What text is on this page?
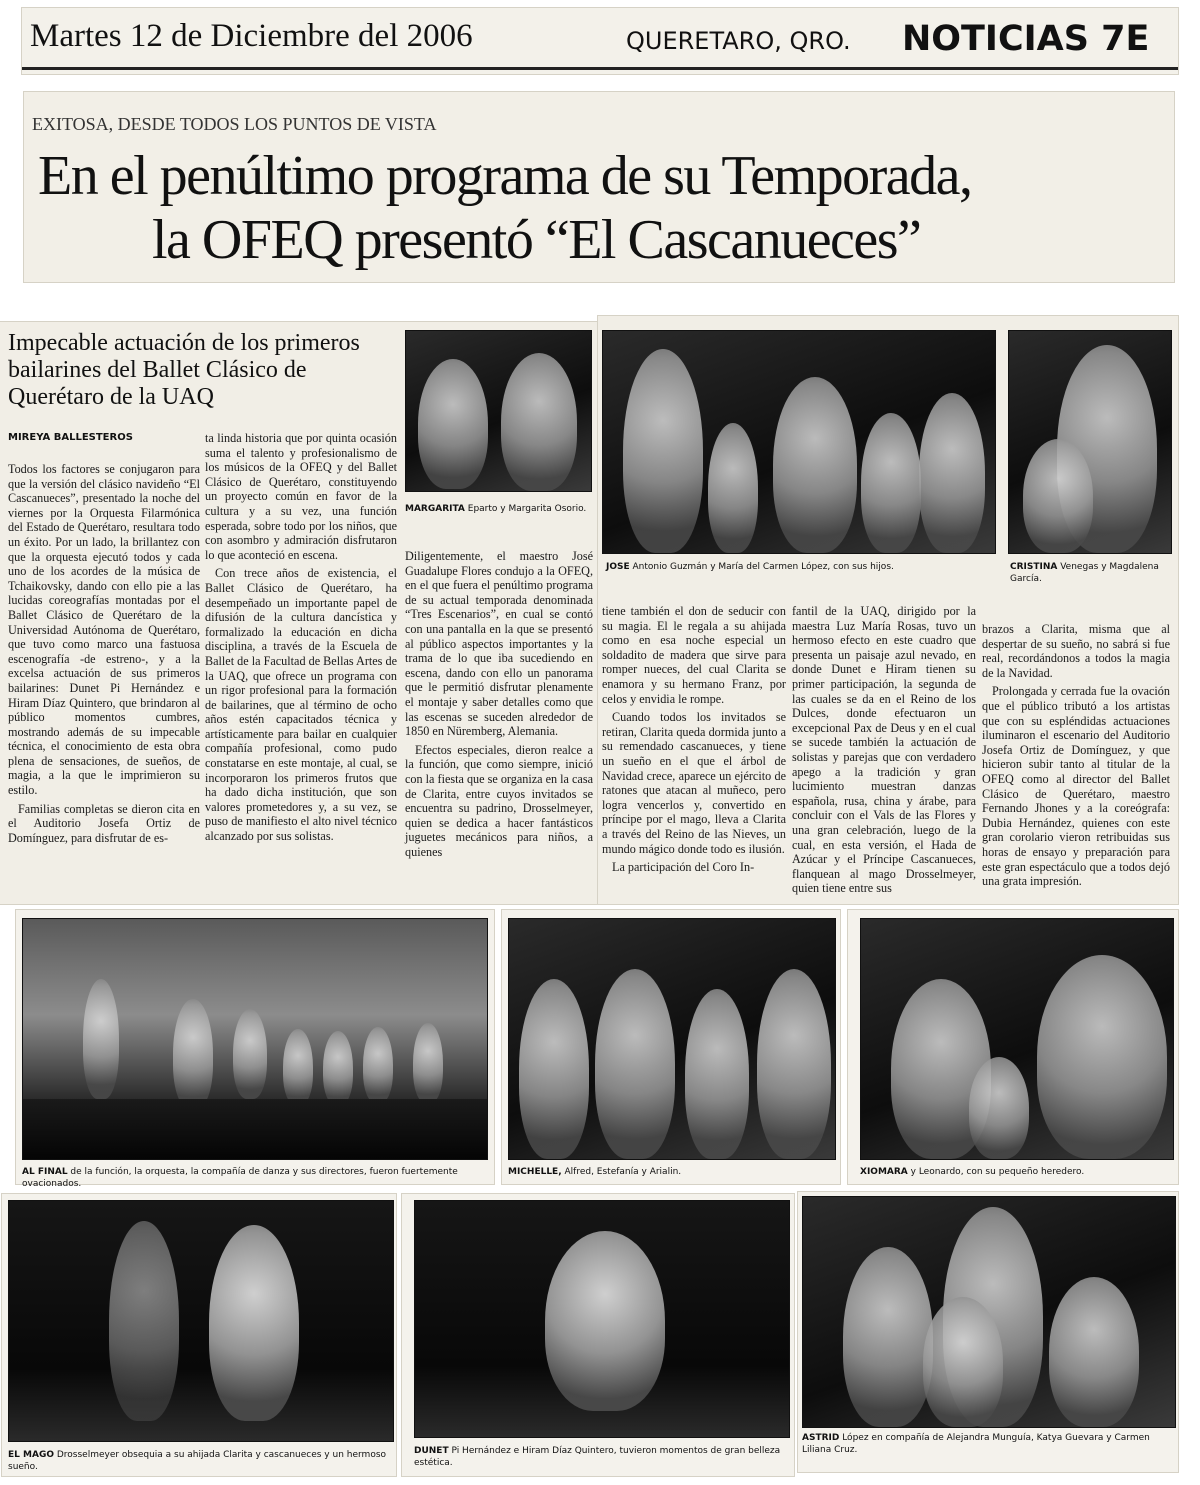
Martes 12 de Diciembre del 2006	QUERETARO, QRO. NOTICIAS 7E
EXITOSA, DESDE TODOS LOS PUNTOS DE VISTA
En el penúltimo programa de su Temporada,
la OFEQ presentó “El Cascanueces”
Impecable actuación de los primeros bailarines del Ballet Clásico de Querétaro de la UAQ
MIREYA BALLESTEROS
MARGARITA Eparto y Margarita Osorio.

Todos los factores se conjugaron para que la versión del clásico navideño “El Cascanueces”, presentado la noche del viernes por la Orquesta Filarmónica del Estado de Querétaro, resultara todo un éxito. Por un lado, la brillantez con que la orquesta ejecutó todos y cada uno de los acordes de la música de Tchaikovsky, dando con ello pie a las lucidas coreografías montadas por el Ballet Clásico de Querétaro de la Universidad Autónoma de Querétaro, que tuvo como marco una fastuosa escenografía -de estreno-, y a la excelsa actuación de sus primeros bailarines: Dunet Pi Hernández e Hiram Díaz Quintero, que brindaron al público momentos cumbres, mostrando además de su impecable técnica, el conocimiento de esta obra plena de sensaciones, de sueños, de magia, a la que le imprimieron su estilo.

Familias completas se dieron cita en el Auditorio Josefa Ortiz de Domínguez, para disfrutar de es-

ta linda historia que por quinta ocasión suma el talento y profesionalismo de los músicos de la OFEQ y del Ballet Clásico de Querétaro, constituyendo un proyecto común en favor de la cultura y a su vez, una función esperada, sobre todo por los niños, que con asombro y admiración disfrutaron lo que aconteció en escena.

Con trece años de existencia, el Ballet Clásico de Querétaro, ha desempeñado un importante papel de difusión de la cultura dancística y formalizado la educación en dicha disciplina, a través de la Escuela de Ballet de la Facultad de Bellas Artes de la UAQ, que ofrece un programa con un rigor profesional para la formación de bailarines, que al término de ocho años estén capacitados técnica y artísticamente para bailar en cualquier compañía profesional, como pudo constatarse en este montaje, al cual, se incorporaron los primeros frutos que ha dado dicha institución, que son valores prometedores y, a su vez, se puso de manifiesto el alto nivel técnico alcanzado por sus solistas.

Diligentemente, el maestro José Guadalupe Flores condujo a la OFEQ, en el que fuera el penúltimo programa de su actual temporada denominada “Tres Escenarios”, en cual se contó con una pantalla en la que se presentó al público aspectos importantes y la trama de lo que iba sucediendo en escena, dando con ello un panorama que le permitió disfrutar plenamente el montaje y saber detalles como que las escenas se suceden alrededor de 1850 en Nüremberg, Alemania.

Efectos especiales, dieron realce a la función, que como siempre, inició con la fiesta que se organiza en la casa de Clarita, entre cuyos invitados se encuentra su padrino, Drosselmeyer, quien se dedica a hacer fantásticos juguetes mecánicos para niños, a quienes

JOSE Antonio Guzmán y María del Carmen López, con sus hijos.	CRISTINA Venegas y Magdalena García.

tiene también el don de seducir con su magia. El le regala a su ahijada como en esa noche especial un soldadito de madera que sirve para romper nueces, del cual Clarita se enamora y su hermano Franz, por celos y envidia le rompe.

Cuando todos los invitados se retiran, Clarita queda dormida junto a su remendado cascanueces, y tiene un sueño en el que el árbol de Navidad crece, aparece un ejército de ratones que atacan al muñeco, pero logra vencerlos y, convertido en príncipe por el mago, lleva a Clarita a través del Reino de las Nieves, un mundo mágico donde todo es ilusión.

La participación del Coro In-

fantil de la UAQ, dirigido por la maestra Luz María Rosas, tuvo un hermoso efecto en este cuadro que presenta un paisaje azul nevado, en donde Dunet e Hiram tienen su primer participación, la segunda de las cuales se da en el Reino de los Dulces, donde efectuaron un excepcional Pax de Deus y en el cual se sucede también la actuación de solistas y parejas que con verdadero apego a la tradición y gran lucimiento muestran danzas española, rusa, china y árabe, para concluir con el Vals de las Flores y una gran celebración, luego de la cual, en esta versión, el Hada de Azúcar y el Príncipe Cascanueces, flanquean al mago Drosselmeyer, quien tiene entre sus

brazos a Clarita, misma que al despertar de su sueño, no sabrá si fue real, recordándonos a todos la magia de la Navidad.

Prolongada y cerrada fue la ovación que el público tributó a los artistas que con su espléndidas actuaciones iluminaron el escenario del Auditorio Josefa Ortiz de Domínguez, y que hicieron subir tanto al titular de la OFEQ como al director del Ballet Clásico de Querétaro, maestro Fernando Jhones y a la coreógrafa: Dubia Hernández, quienes con este gran corolario vieron retribuidas sus horas de ensayo y preparación para este gran espectáculo que a todos dejó una grata impresión.

AL FINAL de la función, la orquesta, la compañía de danza y sus directores, fueron fuertemente ovacionados.
MICHELLE, Alfred, Estefanía y Arialin.	XIOMARA y Leonardo, con su pequeño heredero.
EL MAGO Drosselmeyer obsequia a su ahijada Clarita y cascanueces y un hermoso sueño.
DUNET Pi Hernández e Hiram Díaz Quintero, tuvieron momentos de gran belleza estética.
ASTRID López en compañía de Alejandra Munguía, Katya Guevara y Carmen Liliana Cruz.
